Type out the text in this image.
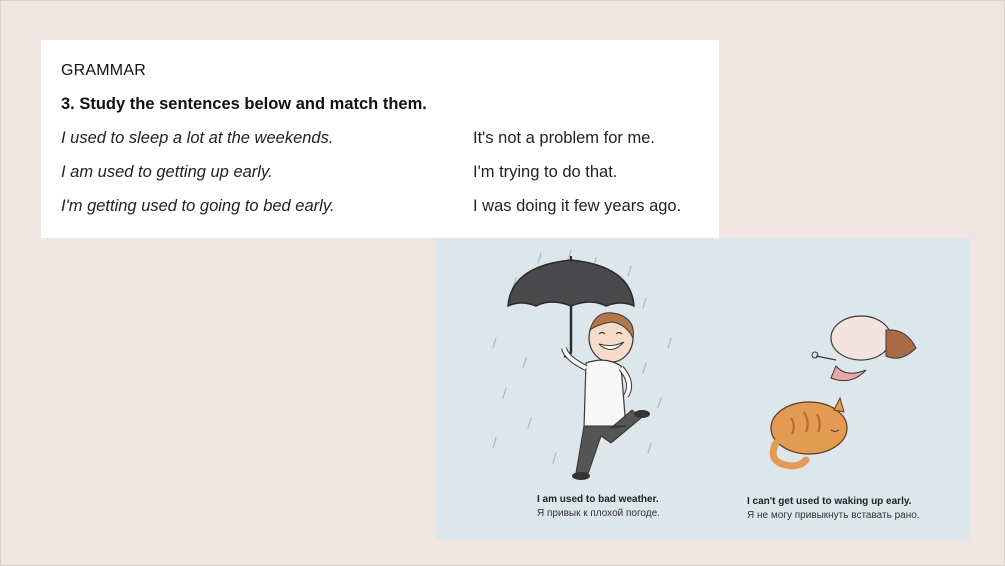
GRAMMAR
3. Study the sentences below and match them.
I used to sleep a lot at the weekends.
I am used to getting up early.
I'm getting used to going to bed early.
It's not a problem for me.
I'm trying to do that.
I was doing it few years ago.
I am used to bad weather.
Я привык к плохой погоде.
I can't get used to waking up early.
Я не могу привыкнуть вставать рано.
